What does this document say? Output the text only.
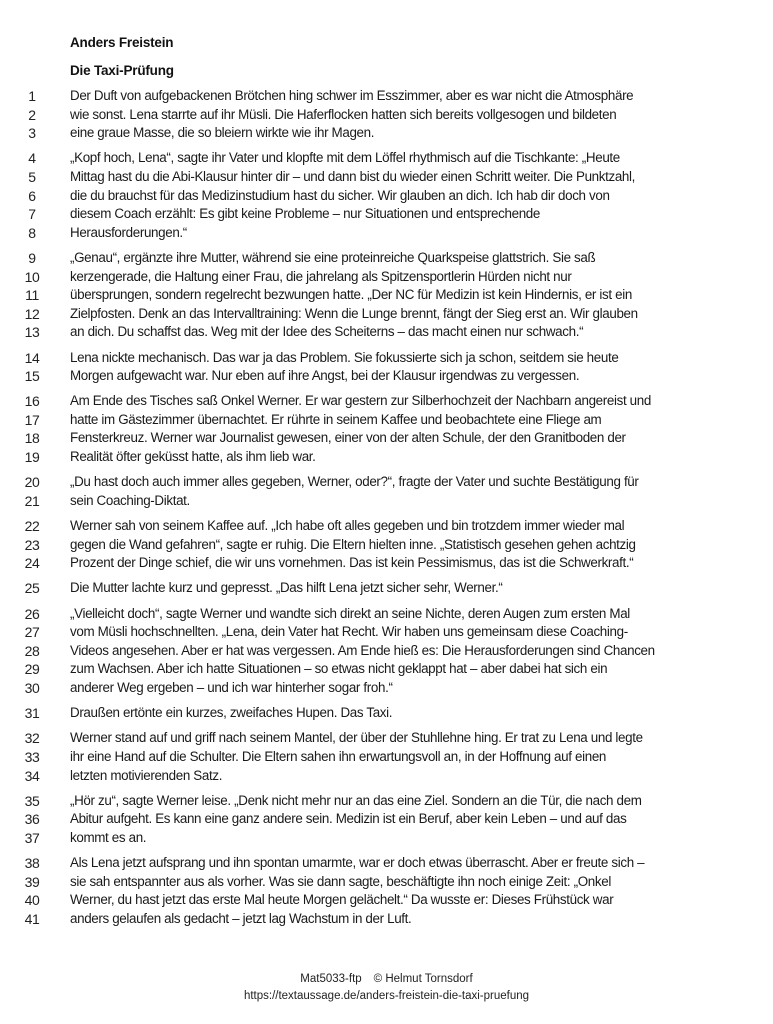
Anders Freistein
Die Taxi-Prüfung
1	Der Duft von aufgebackenen Brötchen hing schwer im Esszimmer, aber es war nicht die Atmosphäre
2	wie sonst. Lena starrte auf ihr Müsli. Die Haferflocken hatten sich bereits vollgesogen und bildeten
3	eine graue Masse, die so bleiern wirkte wie ihr Magen.
4	„Kopf hoch, Lena“, sagte ihr Vater und klopfte mit dem Löffel rhythmisch auf die Tischkante: „Heute
5	Mittag hast du die Abi-Klausur hinter dir – und dann bist du wieder einen Schritt weiter. Die Punktzahl,
6	die du brauchst für das Medizinstudium hast du sicher. Wir glauben an dich. Ich hab dir doch von
7	diesem Coach erzählt: Es gibt keine Probleme – nur Situationen und entsprechende
8	Herausforderungen.“
9	„Genau“, ergänzte ihre Mutter, während sie eine proteinreiche Quarkspeise glattstrich. Sie saß
10	kerzengerade, die Haltung einer Frau, die jahrelang als Spitzensportlerin Hürden nicht nur
11	übersprungen, sondern regelrecht bezwungen hatte. „Der NC für Medizin ist kein Hindernis, er ist ein
12	Zielpfosten. Denk an das Intervalltraining: Wenn die Lunge brennt, fängt der Sieg erst an. Wir glauben
13	an dich. Du schaffst das. Weg mit der Idee des Scheiterns – das macht einen nur schwach.“
14	Lena nickte mechanisch. Das war ja das Problem. Sie fokussierte sich ja schon, seitdem sie heute
15	Morgen aufgewacht war. Nur eben auf ihre Angst, bei der Klausur irgendwas zu vergessen.
16	Am Ende des Tisches saß Onkel Werner. Er war gestern zur Silberhochzeit der Nachbarn angereist und
17	hatte im Gästezimmer übernachtet. Er rührte in seinem Kaffee und beobachtete eine Fliege am
18	Fensterkreuz. Werner war Journalist gewesen, einer von der alten Schule, der den Granitboden der
19	Realität öfter geküsst hatte, als ihm lieb war.
20	„Du hast doch auch immer alles gegeben, Werner, oder?“, fragte der Vater und suchte Bestätigung für
21	sein Coaching-Diktat.
22	Werner sah von seinem Kaffee auf. „Ich habe oft alles gegeben und bin trotzdem immer wieder mal
23	gegen die Wand gefahren“, sagte er ruhig. Die Eltern hielten inne. „Statistisch gesehen gehen achtzig
24	Prozent der Dinge schief, die wir uns vornehmen. Das ist kein Pessimismus, das ist die Schwerkraft.“
25	Die Mutter lachte kurz und gepresst. „Das hilft Lena jetzt sicher sehr, Werner.“
26	„Vielleicht doch“, sagte Werner und wandte sich direkt an seine Nichte, deren Augen zum ersten Mal
27	vom Müsli hochschnellten. „Lena, dein Vater hat Recht. Wir haben uns gemeinsam diese Coaching-
28	Videos angesehen. Aber er hat was vergessen. Am Ende hieß es: Die Herausforderungen sind Chancen
29	zum Wachsen. Aber ich hatte Situationen – so etwas nicht geklappt hat – aber dabei hat sich ein
30	anderer Weg ergeben – und ich war hinterher sogar froh.“
31	Draußen ertönte ein kurzes, zweifaches Hupen. Das Taxi.
32	Werner stand auf und griff nach seinem Mantel, der über der Stuhllehne hing. Er trat zu Lena und legte
33	ihr eine Hand auf die Schulter. Die Eltern sahen ihn erwartungsvoll an, in der Hoffnung auf einen
34	letzten motivierenden Satz.
35	„Hör zu“, sagte Werner leise. „Denk nicht mehr nur an das eine Ziel. Sondern an die Tür, die nach dem
36	Abitur aufgeht. Es kann eine ganz andere sein. Medizin ist ein Beruf, aber kein Leben – und auf das
37	kommt es an.
38	Als Lena jetzt aufsprang und ihn spontan umarmte, war er doch etwas überrascht. Aber er freute sich –
39	sie sah entspannter aus als vorher. Was sie dann sagte, beschäftigte ihn noch einige Zeit: „Onkel
40	Werner, du hast jetzt das erste Mal heute Morgen gelächelt.“ Da wusste er: Dieses Frühstück war
41	anders gelaufen als gedacht – jetzt lag Wachstum in der Luft.
Mat5033-ftp © Helmut Tornsdorf
https://textaussage.de/anders-freistein-die-taxi-pruefung
